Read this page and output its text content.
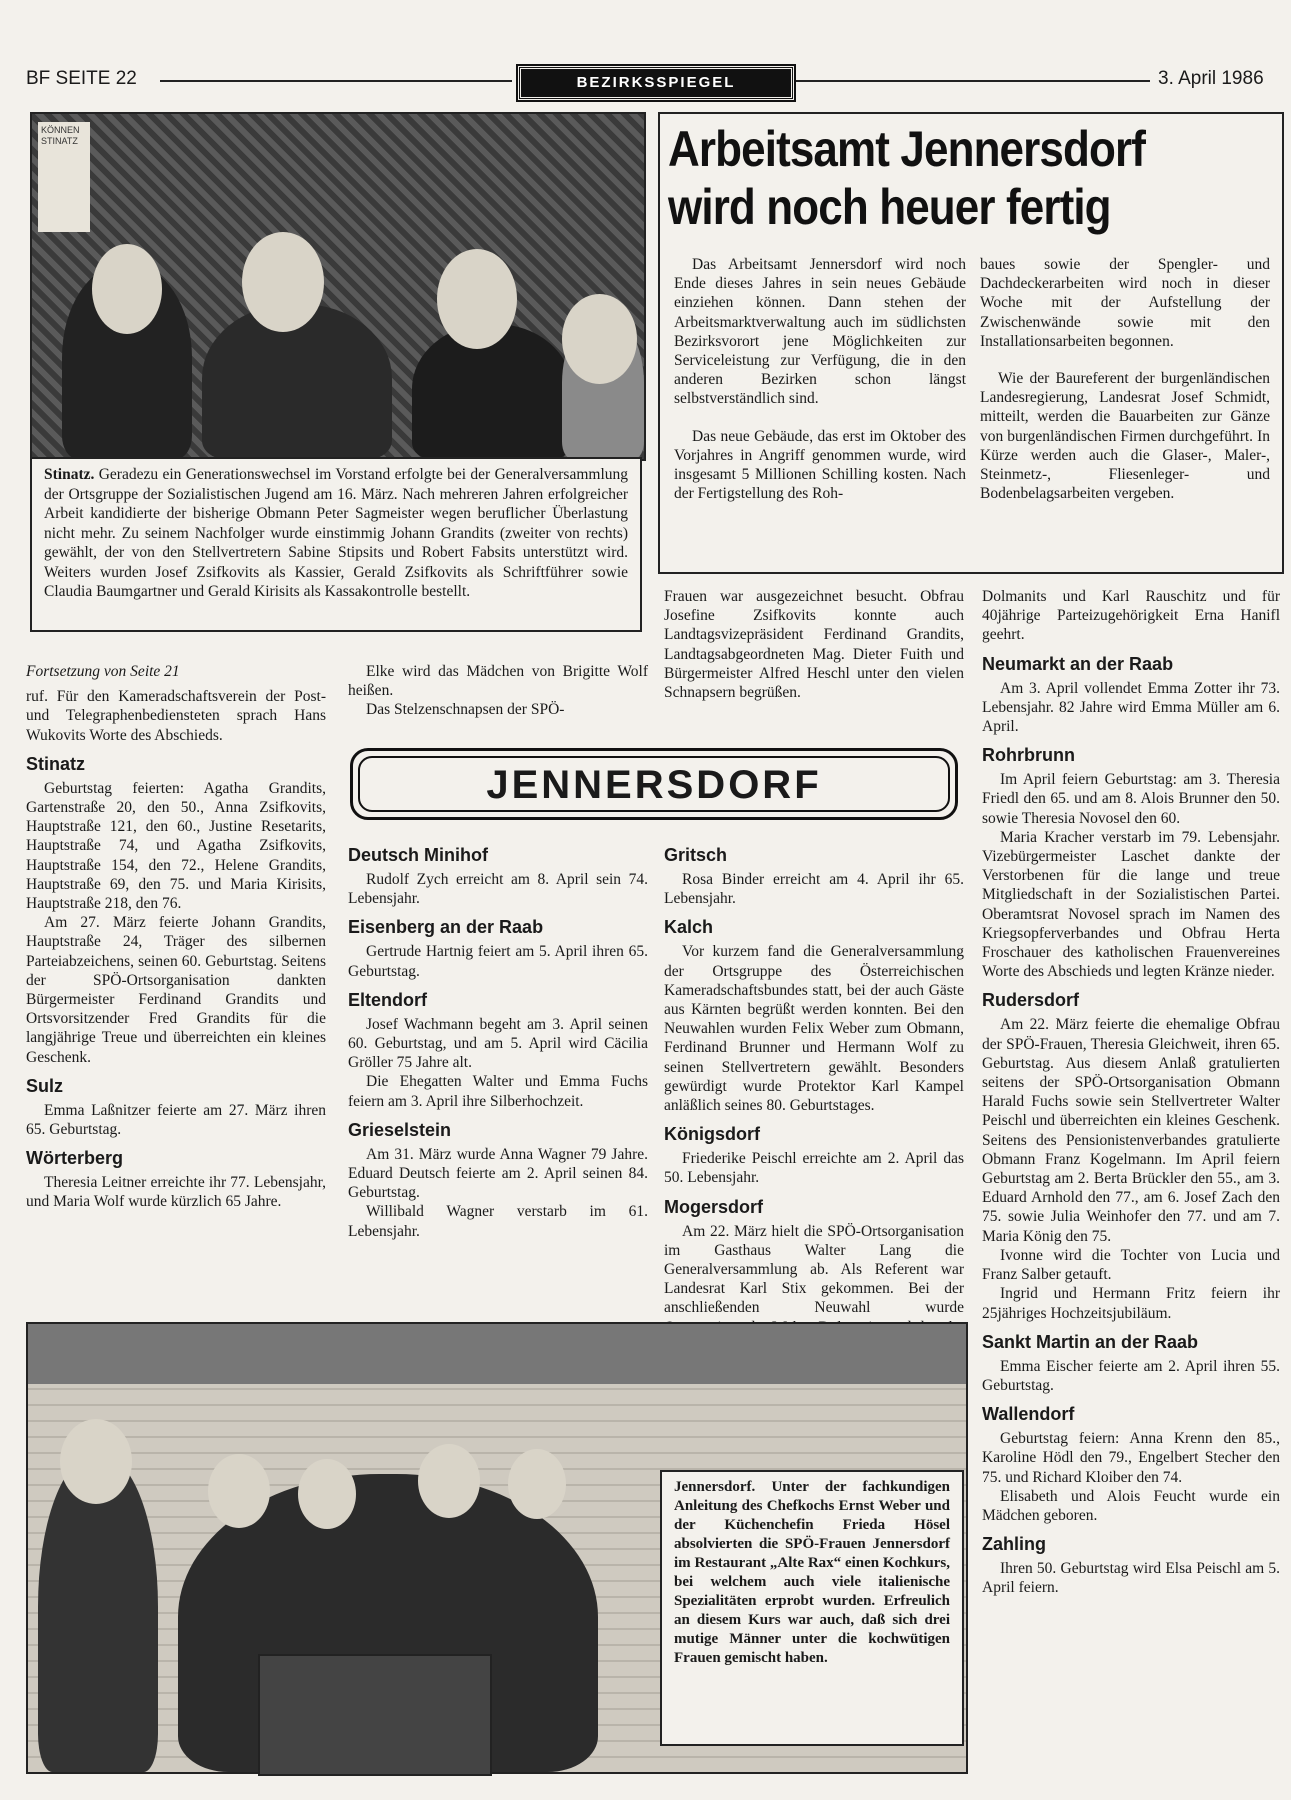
BF SEITE 22	BEZIRKSSPIEGEL	3. April 1986
KÖNNEN STINATZ
Stinatz. Geradezu ein Generationswechsel im Vorstand erfolgte bei der Generalversammlung der Ortsgruppe der Sozialistischen Jugend am 16. März. Nach mehreren Jahren erfolgreicher Arbeit kandidierte der bisherige Obmann Peter Sagmeister wegen beruflicher Überlastung nicht mehr. Zu seinem Nachfolger wurde einstimmig Johann Grandits (zweiter von rechts) gewählt, der von den Stellvertretern Sabine Stipsits und Robert Fabsits unterstützt wird. Weiters wurden Josef Zsifkovits als Kassier, Gerald Zsifkovits als Schriftführer sowie Claudia Baumgartner und Gerald Kirisits als Kassakontrolle bestellt.
Arbeitsamt Jennersdorf
wird noch heuer fertig

Das Arbeitsamt Jennersdorf wird noch Ende dieses Jahres in sein neues Gebäude einziehen können. Dann stehen der Arbeitsmarktverwaltung auch im südlichsten Bezirksvorort jene Möglichkeiten zur Serviceleistung zur Verfügung, die in den anderen Bezirken schon längst selbstverständlich sind.

Das neue Gebäude, das erst im Oktober des Vorjahres in Angriff genommen wurde, wird insgesamt 5 Millionen Schilling kosten. Nach der Fertigstellung des Roh-

baues sowie der Spengler- und Dachdeckerarbeiten wird noch in dieser Woche mit der Aufstellung der Zwischenwände sowie mit den Installationsarbeiten begonnen.

Wie der Baureferent der burgenländischen Landesregierung, Landesrat Josef Schmidt, mitteilt, werden die Bauarbeiten zur Gänze von burgenländischen Firmen durchgeführt. In Kürze werden auch die Glaser-, Maler-, Steinmetz-, Fliesenleger- und Bodenbelagsarbeiten vergeben.

Fortsetzung von Seite 21

ruf. Für den Kameradschaftsverein der Post- und Telegraphenbediensteten sprach Hans Wukovits Worte des Abschieds.

Stinatz

Geburtstag feierten: Agatha Grandits, Gartenstraße 20, den 50., Anna Zsifkovits, Hauptstraße 121, den 60., Justine Resetarits, Hauptstraße 74, und Agatha Zsifkovits, Hauptstraße 154, den 72., Helene Grandits, Hauptstraße 69, den 75. und Maria Kirisits, Hauptstraße 218, den 76.

Am 27. März feierte Johann Grandits, Hauptstraße 24, Träger des silbernen Parteiabzeichens, seinen 60. Geburtstag. Seitens der SPÖ-Ortsorganisation dankten Bürgermeister Ferdinand Grandits und Ortsvorsitzender Fred Grandits für die langjährige Treue und überreichten ein kleines Geschenk.

Sulz

Emma Laßnitzer feierte am 27. März ihren 65. Geburtstag.

Wörterberg

Theresia Leitner erreichte ihr 77. Lebensjahr, und Maria Wolf wurde kürzlich 65 Jahre.

Elke wird das Mädchen von Brigitte Wolf heißen.

Das Stelzenschnapsen der SPÖ-

Frauen war ausgezeichnet besucht. Obfrau Josefine Zsifkovits konnte auch Landtagsvizepräsident Ferdinand Grandits, Landtagsabgeordneten Mag. Dieter Fuith und Bürgermeister Alfred Heschl unter den vielen Schnapsern begrüßen.

JENNERSDORF
Deutsch Minihof

Rudolf Zych erreicht am 8. April sein 74. Lebensjahr.

Eisenberg an der Raab

Gertrude Hartnig feiert am 5. April ihren 65. Geburtstag.

Eltendorf

Josef Wachmann begeht am 3. April seinen 60. Geburtstag, und am 5. April wird Cäcilia Gröller 75 Jahre alt.

Die Ehegatten Walter und Emma Fuchs feiern am 3. April ihre Silberhochzeit.

Grieselstein

Am 31. März wurde Anna Wagner 79 Jahre. Eduard Deutsch feierte am 2. April seinen 84. Geburtstag.

Willibald Wagner verstarb im 61. Lebensjahr.

Gritsch

Rosa Binder erreicht am 4. April ihr 65. Lebensjahr.

Kalch

Vor kurzem fand die Generalversammlung der Ortsgruppe des Österreichischen Kameradschaftsbundes statt, bei der auch Gäste aus Kärnten begrüßt werden konnten. Bei den Neuwahlen wurden Felix Weber zum Obmann, Ferdinand Brunner und Hermann Wolf zu seinen Stellvertretern gewählt. Besonders gewürdigt wurde Protektor Karl Kampel anläßlich seines 80. Geburtstages.

Königsdorf

Friederike Peischl erreichte am 2. April das 50. Lebensjahr.

Mogersdorf

Am 22. März hielt die SPÖ-Ortsorganisation im Gasthaus Walter Lang die Generalversammlung ab. Als Referent war Landesrat Karl Stix gekommen. Bei der anschließenden Neuwahl wurde

Dolmanits und Karl Rauschitz und für 40jährige Parteizugehörigkeit Erna Hanifl geehrt.

Neumarkt an der Raab

Am 3. April vollendet Emma Zotter ihr 73. Lebensjahr. 82 Jahre wird Emma Müller am 6. April.

Rohrbrunn

Im April feiern Geburtstag: am 3. Theresia Friedl den 65. und am 8. Alois Brunner den 50. sowie Theresia Novosel den 60.

Maria Kracher verstarb im 79. Lebensjahr. Vizebürgermeister Laschet dankte der Verstorbenen für die lange und treue Mitgliedschaft in der Sozialistischen Partei. Oberamtsrat Novosel sprach im Namen des Kriegsopferverbandes und Obfrau Herta Froschauer des katholischen Frauenvereines Worte des Abschieds und legten Kränze nieder.

Rudersdorf

Am 22. März feierte die ehemalige Obfrau der SPÖ-Frauen, Theresia Gleichweit, ihren 65. Geburtstag. Aus diesem Anlaß gratulierten seitens der SPÖ-Ortsorganisation Obmann Harald Fuchs sowie sein Stellvertreter Walter Peischl und überreichten ein kleines Geschenk. Seitens des Pensionistenverbandes gratulierte Obmann Franz Kogelmann. Im April feiern Geburtstag am 2. Berta Brückler den 55., am 3. Eduard Arnhold den 77., am 6. Josef Zach den 75. sowie Julia Weinhofer den 77. und am 7. Maria König den 75.

Ivonne wird die Tochter von Lucia und Franz Salber getauft.

Ingrid und Hermann Fritz feiern ihr 25jähriges Hochzeitsjubiläum.

Sankt Martin an der Raab

Emma Eischer feierte am 2. April ihren 55. Geburtstag.

Wallendorf

Geburtstag feiern: Anna Krenn den 85., Karoline Hödl den 79., Engelbert Stecher den 75. und Richard Kloiber den 74.

Elisabeth und Alois Feucht wurde ein Mädchen geboren.

Zahling

Ihren 50. Geburtstag wird Elsa Peischl am 5. April feiern.

Jennersdorf. Unter der fachkundigen Anleitung des Chefkochs Ernst Weber und der Küchenchefin Frieda Hösel absolvierten die SPÖ-Frauen Jennersdorf im Restaurant „Alte Rax“ einen Kochkurs, bei welchem auch viele italienische Spezialitäten erprobt wurden. Erfreulich an diesem Kurs war auch, daß sich drei mutige Männer unter die kochwütigen Frauen gemischt haben.
